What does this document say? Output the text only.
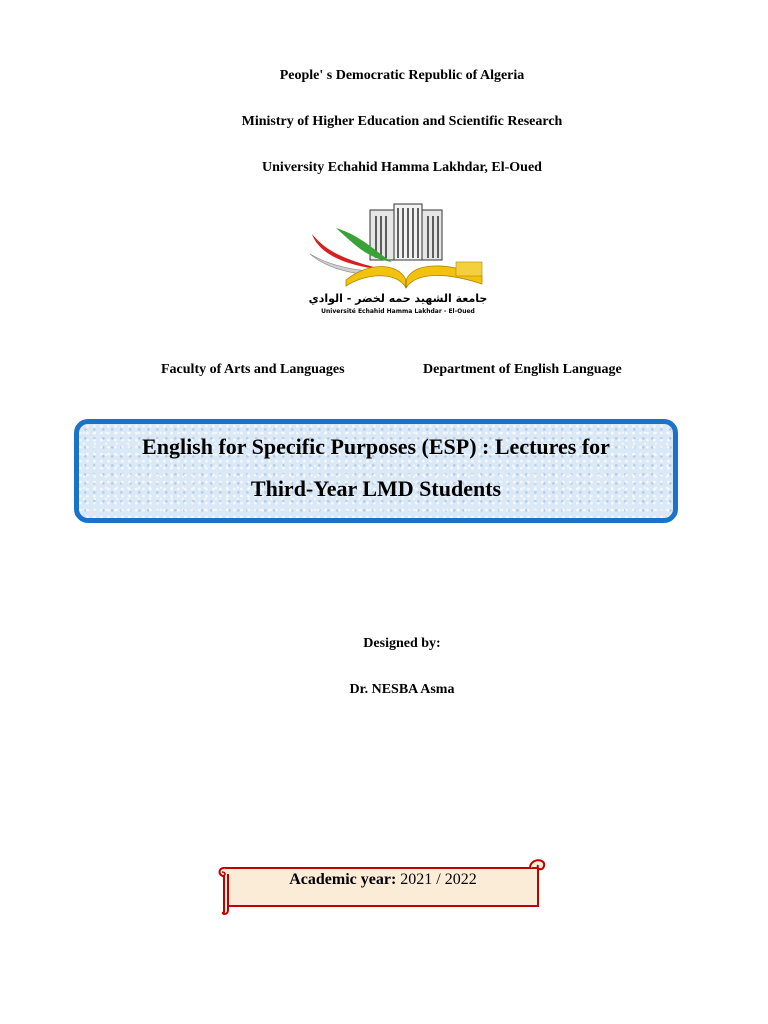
People' s Democratic Republic of Algeria
Ministry of Higher Education and Scientific Research
University Echahid Hamma Lakhdar, El-Oued
جامعة الشهيد حمه لخضر - الوادي
Université Echahid Hamma Lakhdar - El-Oued
Faculty of Arts and Languages	Department of English Language
English for Specific Purposes (ESP) : Lectures for
Third-Year LMD Students
Designed by:
Dr. NESBA Asma
Academic year: 2021 / 2022
